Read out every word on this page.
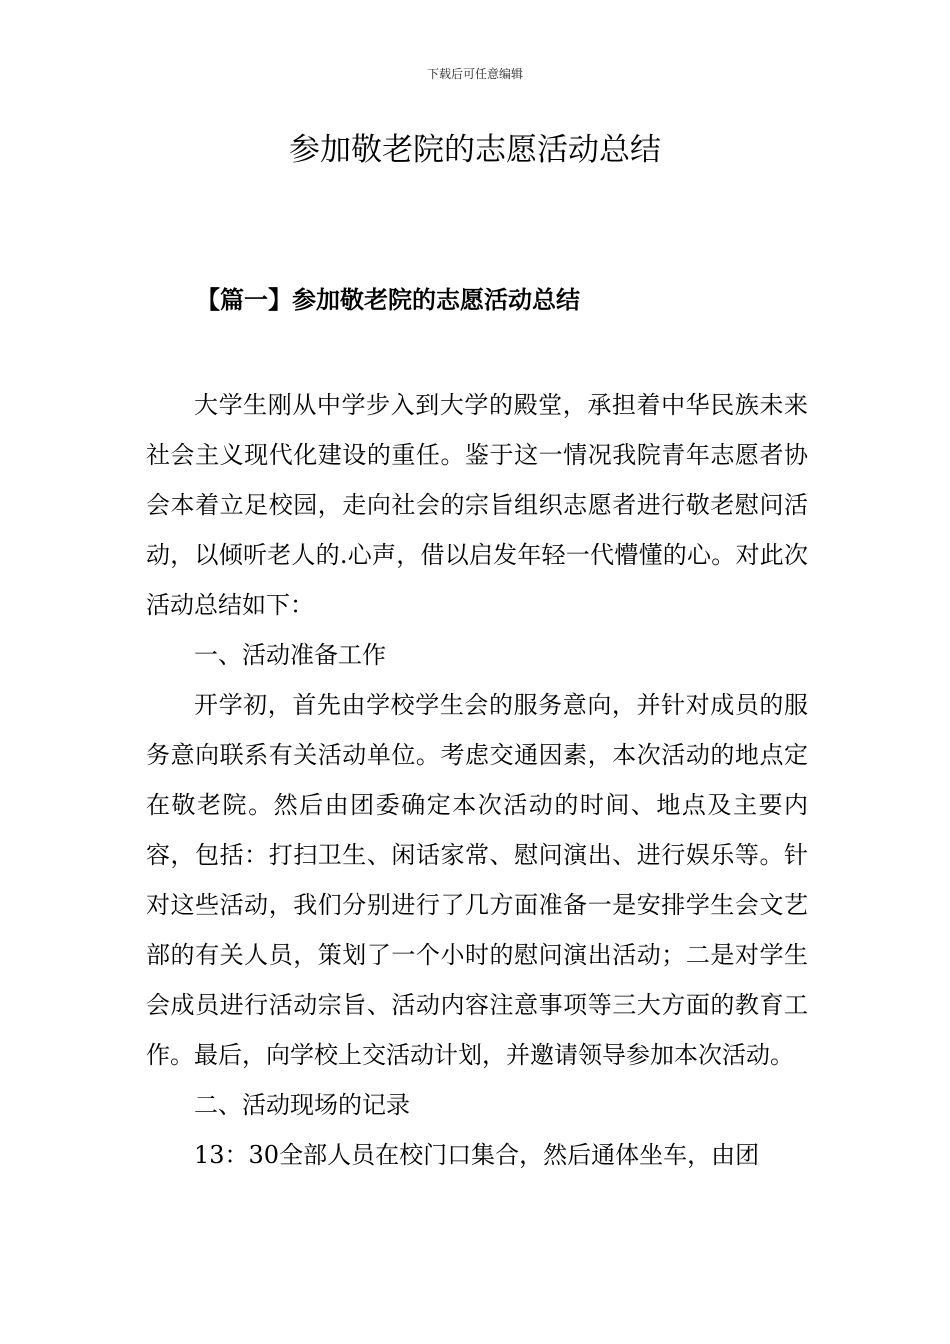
下载后可任意编辑
参加敬老院的志愿活动总结
【篇一】参加敬老院的志愿活动总结

大学生刚从中学步入到大学的殿堂，承担着中华民族未来社会主义现代化建设的重任。鉴于这一情况我院青年志愿者协会本着立足校园，走向社会的宗旨组织志愿者进行敬老慰问活动，以倾听老人的.心声，借以启发年轻一代懵懂的心。对此次活动总结如下：

一、活动准备工作

开学初，首先由学校学生会的服务意向，并针对成员的服务意向联系有关活动单位。考虑交通因素，本次活动的地点定在敬老院。然后由团委确定本次活动的时间、地点及主要内容，包括：打扫卫生、闲话家常、慰问演出、进行娱乐等。针对这些活动，我们分别进行了几方面准备一是安排学生会文艺部的有关人员，策划了一个小时的慰问演出活动；二是对学生会成员进行活动宗旨、活动内容注意事项等三大方面的教育工作。最后，向学校上交活动计划，并邀请领导参加本次活动。

二、活动现场的记录

13：30全部人员在校门口集合，然后通体坐车，由团
